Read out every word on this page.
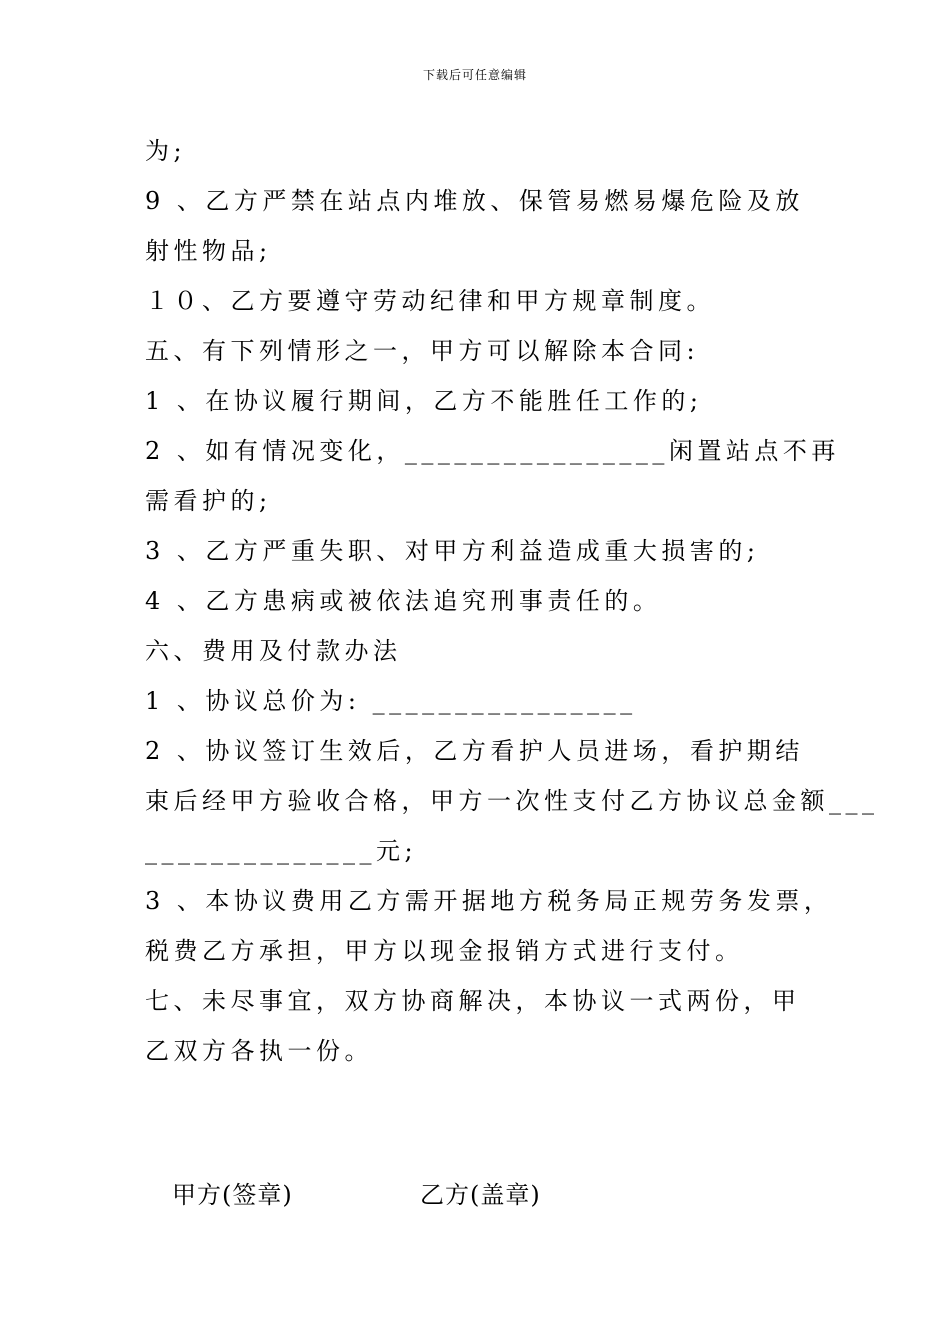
下载后可任意编辑
为;
9 、乙方严禁在站点内堆放、保管易燃易爆危险及放
射性物品;
１０、乙方要遵守劳动纪律和甲方规章制度。
五、有下列情形之一，甲方可以解除本合同:
1 、在协议履行期间，乙方不能胜任工作的;
2 、如有情况变化，________________闲置站点不再
需看护的;
3 、乙方严重失职、对甲方利益造成重大损害的;
4 、乙方患病或被依法追究刑事责任的。
六、费用及付款办法
1 、协议总价为: ________________
2 、协议签订生效后，乙方看护人员进场，看护期结
束后经甲方验收合格，甲方一次性支付乙方协议总金额___
______________元;
3 、本协议费用乙方需开据地方税务局正规劳务发票，
税费乙方承担，甲方以现金报销方式进行支付。
七、未尽事宜，双方协商解决，本协议一式两份，甲
乙双方各执一份。
甲方(签章)	乙方(盖章)
